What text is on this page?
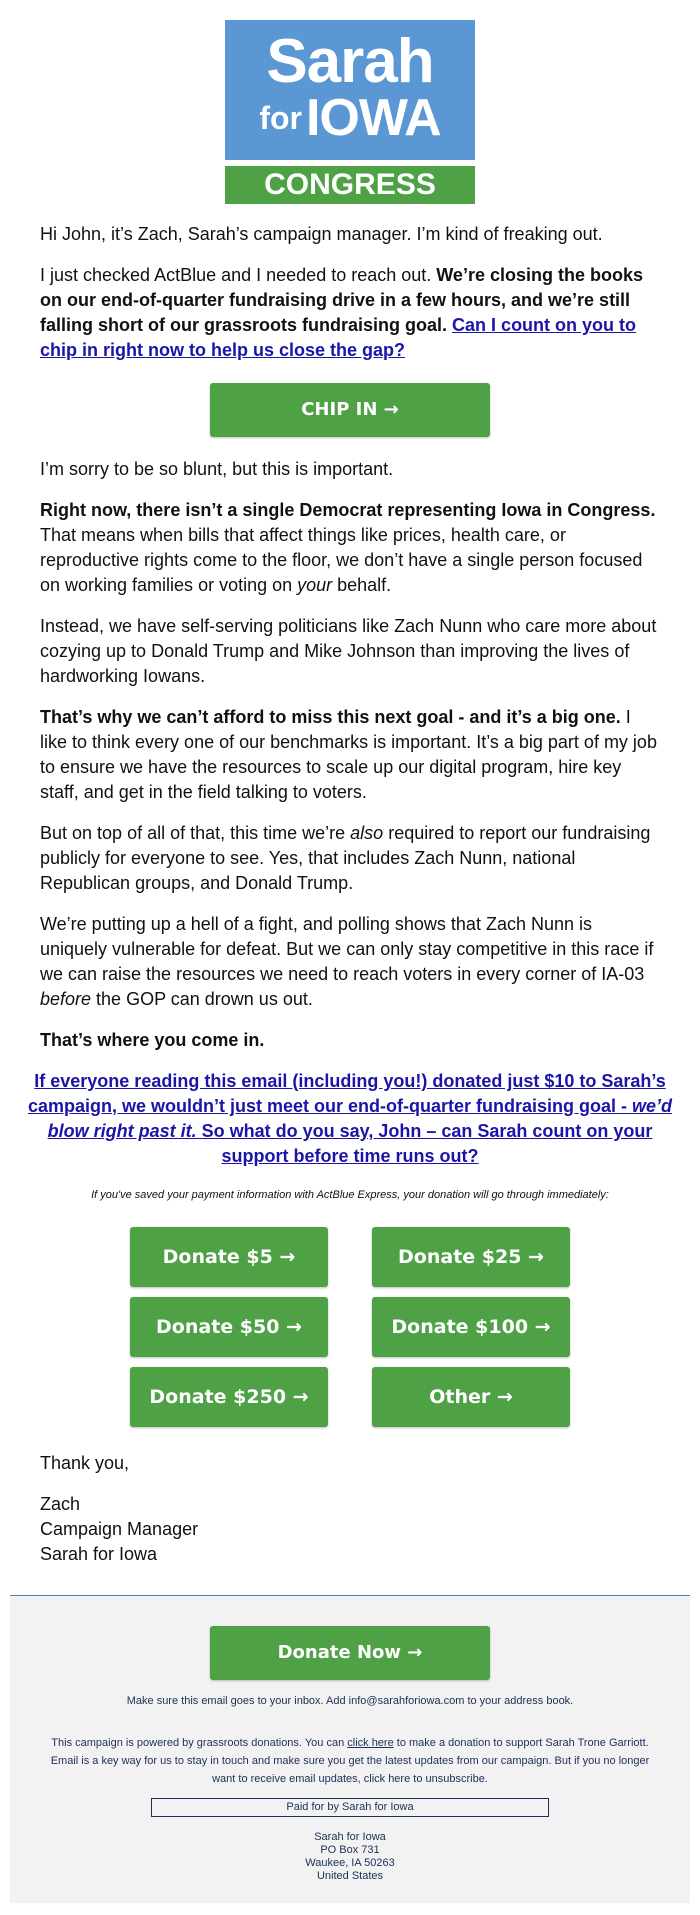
Sarah
forIOWA
CONGRESS

Hi John, it’s Zach, Sarah’s campaign manager. I’m kind of freaking out.

I just checked ActBlue and I needed to reach out. We’re closing the books on our end-of-quarter fundraising drive in a few hours, and we’re still falling short of our grassroots fundraising goal. Can I count on you to chip in right now to help us close the gap?

CHIP IN →

I’m sorry to be so blunt, but this is important.

Right now, there isn’t a single Democrat representing Iowa in Congress. That means when bills that affect things like prices, health care, or reproductive rights come to the floor, we don’t have a single person focused on working families or voting on your behalf.

Instead, we have self-serving politicians like Zach Nunn who care more about cozying up to Donald Trump and Mike Johnson than improving the lives of hardworking Iowans.

That’s why we can’t afford to miss this next goal - and it’s a big one. I like to think every one of our benchmarks is important. It’s a big part of my job to ensure we have the resources to scale up our digital program, hire key staff, and get in the field talking to voters.

But on top of all of that, this time we’re also required to report our fundraising publicly for everyone to see. Yes, that includes Zach Nunn, national Republican groups, and Donald Trump.

We’re putting up a hell of a fight, and polling shows that Zach Nunn is uniquely vulnerable for defeat. But we can only stay competitive in this race if we can raise the resources we need to reach voters in every corner of IA-03 before the GOP can drown us out.

That’s where you come in.

If everyone reading this email (including you!) donated just $10 to Sarah’s campaign, we wouldn’t just meet our end-of-quarter fundraising goal - we’d blow right past it. So what do you say, John – can Sarah count on your support before time runs out?
If you've saved your payment information with ActBlue Express, your donation will go through immediately:
Donate $5 →	Donate $25 →
Donate $50 →	Donate $100 →
Donate $250 →	Other →

Thank you,

Zach

Campaign Manager

Sarah for Iowa

Donate Now →

Make sure this email goes to your inbox. Add info@sarahforiowa.com to your address book.

This campaign is powered by grassroots donations. You can click here to make a donation to support Sarah Trone Garriott. Email is a key way for us to stay in touch and make sure you get the latest updates from our campaign. But if you no longer want to receive email updates, click here to unsubscribe.

Paid for by Sarah for Iowa
Sarah for Iowa
PO Box 731
Waukee, IA 50263
United States
